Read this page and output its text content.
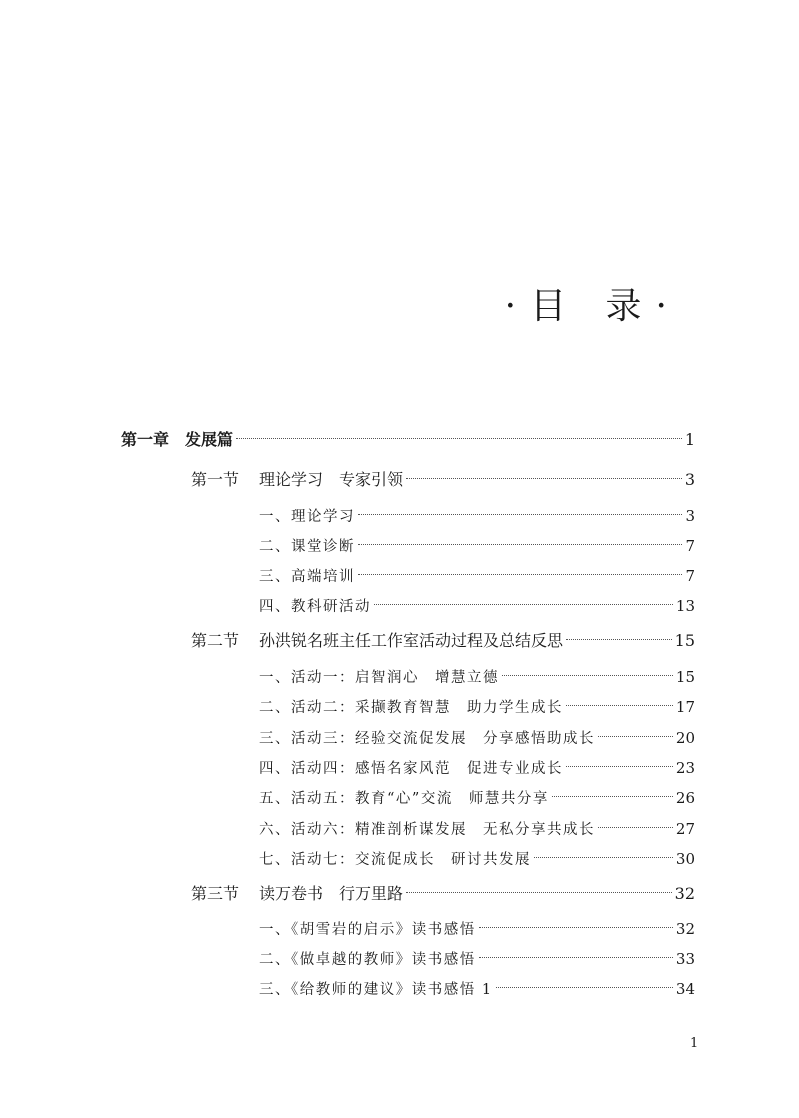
·目 录·
第一章　发展篇	1
第一节 理论学习　专家引领	3
一、理论学习	3
二、课堂诊断	7
三、高端培训	7
四、教科研活动	13
第二节 孙洪锐名班主任工作室活动过程及总结反思	15
一、活动一：启智润心　增慧立德	15
二、活动二：采撷教育智慧　助力学生成长	17
三、活动三：经验交流促发展　分享感悟助成长	20
四、活动四：感悟名家风范　促进专业成长	23
五、活动五：教育“心”交流　师慧共分享	26
六、活动六：精准剖析谋发展　无私分享共成长	27
七、活动七：交流促成长　研讨共发展	30
第三节 读万卷书　行万里路	32
一、《胡雪岩的启示》读书感悟	32
二、《做卓越的教师》读书感悟	33
三、《给教师的建议》读书感悟 1	34
1
